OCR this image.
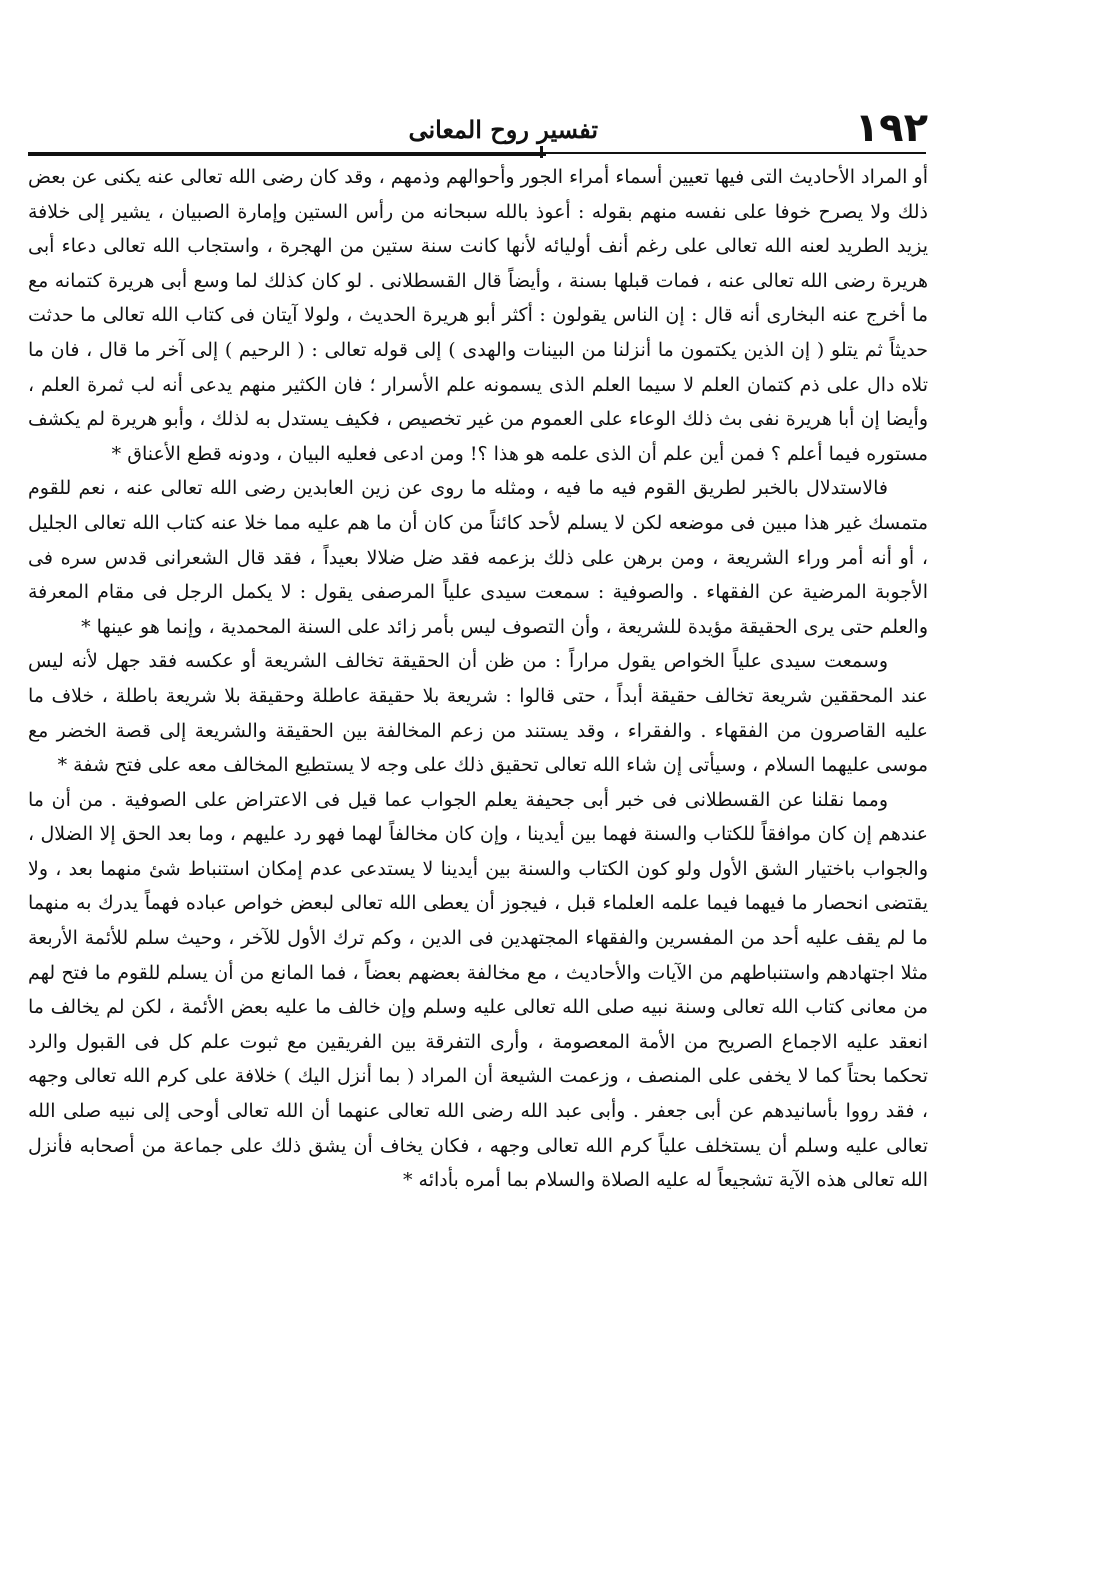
١٩٢
تفسير روح المعانى

أو المراد الأحاديث التى فيها تعيين أسماء أمراء الجور وأحوالهم وذمهم ، وقد كان رضى الله تعالى عنه يكنى عن بعض ذلك ولا يصرح خوفا على نفسه منهم بقوله : أعوذ بالله سبحانه من رأس الستين وإمارة الصبيان ، يشير إلى خلافة يزيد الطريد لعنه الله تعالى على رغم أنف أوليائه لأنها كانت سنة ستين من الهجرة ، واستجاب الله تعالى دعاء أبى هريرة رضى الله تعالى عنه ، فمات قبلها بسنة ، وأيضاً قال القسطلانى . لو كان كذلك لما وسع أبى هريرة كتمانه مع ما أخرج عنه البخارى أنه قال : إن الناس يقولون : أكثر أبو هريرة الحديث ، ولولا آيتان فى كتاب الله تعالى ما حدثت حديثاً ثم يتلو ( إن الذين يكتمون ما أنزلنا من البينات والهدى ) إلى قوله تعالى : ( الرحيم ) إلى آخر ما قال ، فان ما تلاه دال على ذم كتمان العلم لا سيما العلم الذى يسمونه علم الأسرار ؛ فان الكثير منهم يدعى أنه لب ثمرة العلم ، وأيضا إن أبا هريرة نفى بث ذلك الوعاء على العموم من غير تخصيص ، فكيف يستدل به لذلك ، وأبو هريرة لم يكشف مستوره فيما أعلم ؟ فمن أين علم أن الذى علمه هو هذا ؟! ومن ادعى فعليه البيان ، ودونه قطع الأعناق *

فالاستدلال بالخبر لطريق القوم فيه ما فيه ، ومثله ما روى عن زين العابدين رضى الله تعالى عنه ، نعم للقوم متمسك غير هذا مبين فى موضعه لكن لا يسلم لأحد كائناً من كان أن ما هم عليه مما خلا عنه كتاب الله تعالى الجليل ، أو أنه أمر وراء الشريعة ، ومن برهن على ذلك بزعمه فقد ضل ضلالا بعيداً ، فقد قال الشعرانى قدس سره فى الأجوبة المرضية عن الفقهاء . والصوفية : سمعت سيدى علياً المرصفى يقول : لا يكمل الرجل فى مقام المعرفة والعلم حتى يرى الحقيقة مؤيدة للشريعة ، وأن التصوف ليس بأمر زائد على السنة المحمدية ، وإنما هو عينها *

وسمعت سيدى علياً الخواص يقول مراراً : من ظن أن الحقيقة تخالف الشريعة أو عكسه فقد جهل لأنه ليس عند المحققين شريعة تخالف حقيقة أبداً ، حتى قالوا : شريعة بلا حقيقة عاطلة وحقيقة بلا شريعة باطلة ، خلاف ما عليه القاصرون من الفقهاء . والفقراء ، وقد يستند من زعم المخالفة بين الحقيقة والشريعة إلى قصة الخضر مع موسى عليهما السلام ، وسيأتى إن شاء الله تعالى تحقيق ذلك على وجه لا يستطيع المخالف معه على فتح شفة *

ومما نقلنا عن القسطلانى فى خبر أبى جحيفة يعلم الجواب عما قيل فى الاعتراض على الصوفية . من أن ما عندهم إن كان موافقاً للكتاب والسنة فهما بين أيدينا ، وإن كان مخالفاً لهما فهو رد عليهم ، وما بعد الحق إلا الضلال ، والجواب باختيار الشق الأول ولو كون الكتاب والسنة بين أيدينا لا يستدعى عدم إمكان استنباط شئ منهما بعد ، ولا يقتضى انحصار ما فيهما فيما علمه العلماء قبل ، فيجوز أن يعطى الله تعالى لبعض خواص عباده فهماً يدرك به منهما ما لم يقف عليه أحد من المفسرين والفقهاء المجتهدين فى الدين ، وكم ترك الأول للآخر ، وحيث سلم للأئمة الأربعة مثلا اجتهادهم واستنباطهم من الآيات والأحاديث ، مع مخالفة بعضهم بعضاً ، فما المانع من أن يسلم للقوم ما فتح لهم من معانى كتاب الله تعالى وسنة نبيه صلى الله تعالى عليه وسلم وإن خالف ما عليه بعض الأئمة ، لكن لم يخالف ما انعقد عليه الاجماع الصريح من الأمة المعصومة ، وأرى التفرقة بين الفريقين مع ثبوت علم كل فى القبول والرد تحكما بحتاً كما لا يخفى على المنصف ، وزعمت الشيعة أن المراد ( بما أنزل اليك ) خلافة على كرم الله تعالى وجهه ، فقد رووا بأسانيدهم عن أبى جعفر . وأبى عبد الله رضى الله تعالى عنهما أن الله تعالى أوحى إلى نبيه صلى الله تعالى عليه وسلم أن يستخلف علياً كرم الله تعالى وجهه ، فكان يخاف أن يشق ذلك على جماعة من أصحابه فأنزل الله تعالى هذه الآية تشجيعاً له عليه الصلاة والسلام بما أمره بأدائه *
